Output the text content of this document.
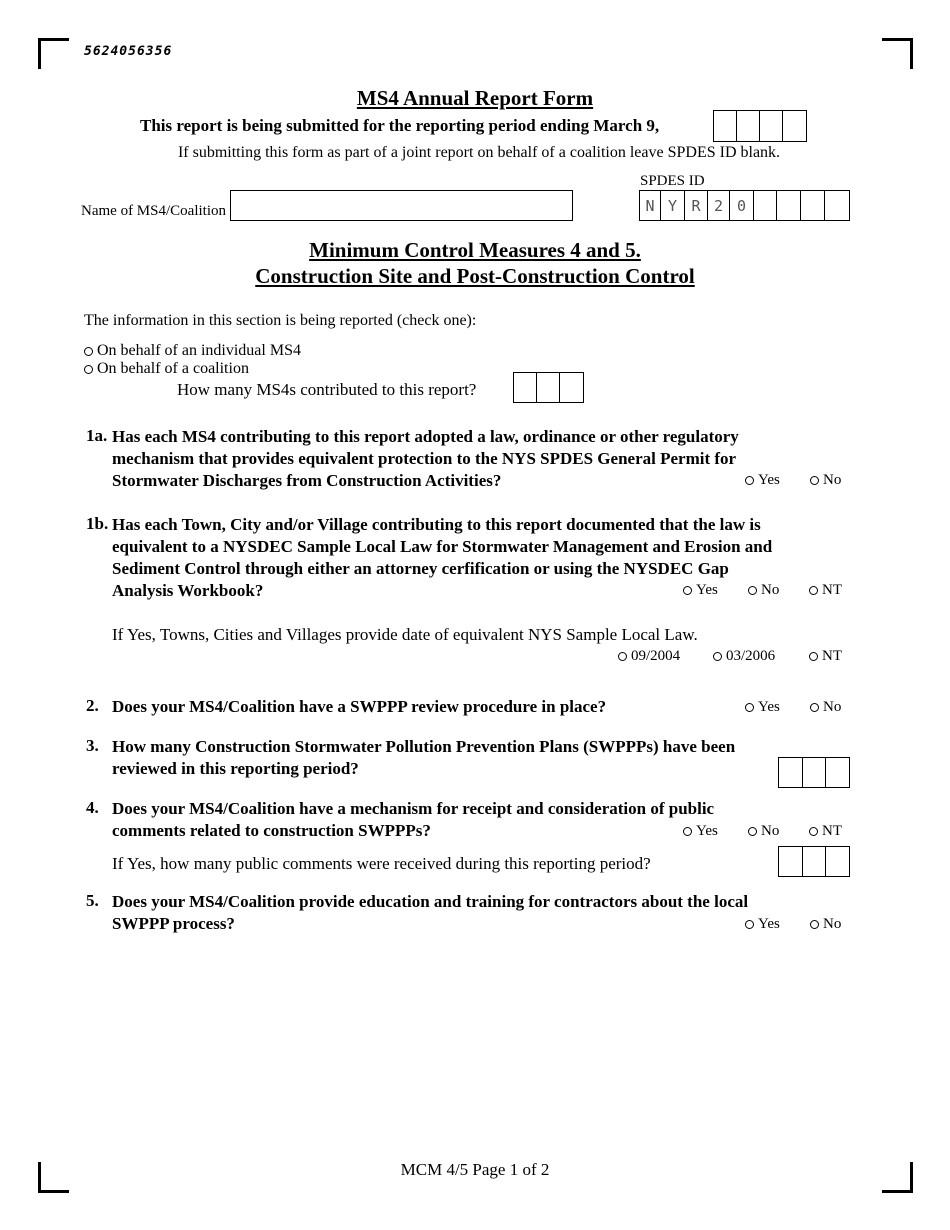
5624056356
MS4 Annual Report Form
This report is being submitted for the reporting period ending March 9,
If submitting this form as part of a joint report on behalf of a coalition leave SPDES ID blank.
SPDES ID
N Y R 2 0
Name of MS4/Coalition
Minimum Control Measures 4 and 5.
Construction Site and Post-Construction Control
The information in this section is being reported (check one):
On behalf of an individual MS4
On behalf of a coalition
How many MS4s contributed to this report?
1a. Has each MS4 contributing to this report adopted a law, ordinance or other regulatory
mechanism that provides equivalent protection to the NYS SPDES General Permit for
Stormwater Discharges from Construction Activities?	Yes	No
1b. Has each Town, City and/or Village contributing to this report documented that the law is
equivalent to a NYSDEC Sample Local Law for Stormwater Management and Erosion and
Sediment Control through either an attorney cerfification or using the NYSDEC Gap
Analysis Workbook?	Yes	No	NT
If Yes, Towns, Cities and Villages provide date of equivalent NYS Sample Local Law.
09/2004	03/2006	NT
2. Does your MS4/Coalition have a SWPPP review procedure in place?	Yes	No
3. How many Construction Stormwater Pollution Prevention Plans (SWPPPs) have been
reviewed in this reporting period?
4. Does your MS4/Coalition have a mechanism for receipt and consideration of public
comments related to construction SWPPPs?	Yes	No	NT
If Yes, how many public comments were received during this reporting period?
5. Does your MS4/Coalition provide education and training for contractors about the local
SWPPP process?	Yes	No
MCM 4/5 Page 1 of 2
